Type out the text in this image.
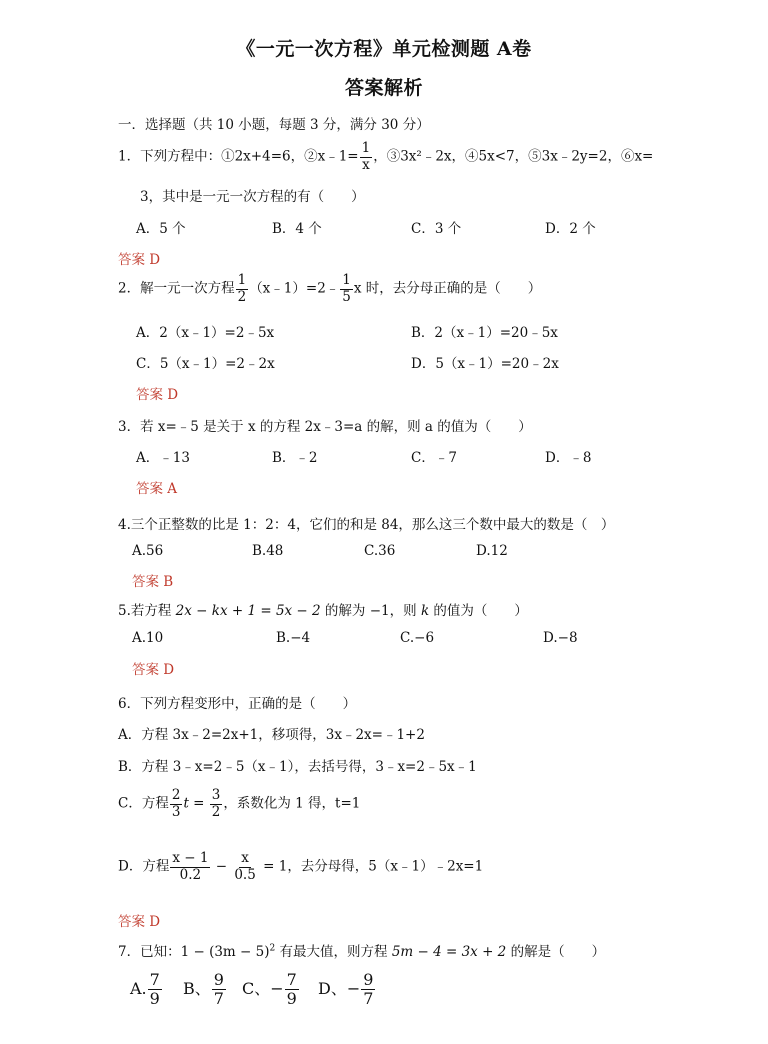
《一元一次方程》单元检测题 A卷
答案解析
一．选择题（共 10 小题，每题 3 分，满分 30 分）
1．下列方程中：①2x+4=6，②x﹣1= $\frac{1}{x}$ ，③3x²﹣2x，④5x<7，⑤3x﹣2y=2，⑥x=
3，其中是一元一次方程的有（　　）
A．5 个	B．4 个	C．3 个	D．2 个
答案 D
2．解一元一次方程 $\frac{1}{2}$ （x﹣1）=2﹣ $\frac{1}{5}$ x 时，去分母正确的是（　　）
A．2（x﹣1）=2﹣5x	B．2（x﹣1）=20﹣5x
C．5（x﹣1）=2﹣2x	D．5（x﹣1）=20﹣2x
答案 D
3．若 x=﹣5 是关于 x 的方程 2x﹣3=a 的解，则 a 的值为（　　）
A．﹣13	B．﹣2	C．﹣7	D．﹣8
答案 A
4.三个正整数的比是 1：2：4，它们的和是 84，那么这三个数中最大的数是（　）
A.56	B.48	C.36	D.12
答案 B
5.若方程 2x − kx + 1 = 5x − 2 的解为 −1，则 k 的值为（　　）
A.10	B.−4	C.−6	D.−8
答案 D
6．下列方程变形中，正确的是（　　）
A．方程 3x﹣2=2x+1，移项得，3x﹣2x=﹣1+2
B．方程 3﹣x=2﹣5（x﹣1），去括号得，3﹣x=2﹣5x﹣1
C．方程 $\frac{2}{3}$ $t = \frac{3}{2}$ ，系数化为 1 得，t=1
D．方程 $\frac{x - 1}{0.2} - \frac{x}{0.5} = 1$，去分母得，5（x﹣1）﹣2x=1
答案 D
7．已知：$1 - (3m - 5)^2$ 有最大值，则方程 5m − 4 = 3x + 2 的解是（　　）
A. $\frac{7}{9}$ B、 $\frac{9}{7}$ C、− $\frac{7}{9}$ D、− $\frac{9}{7}$
